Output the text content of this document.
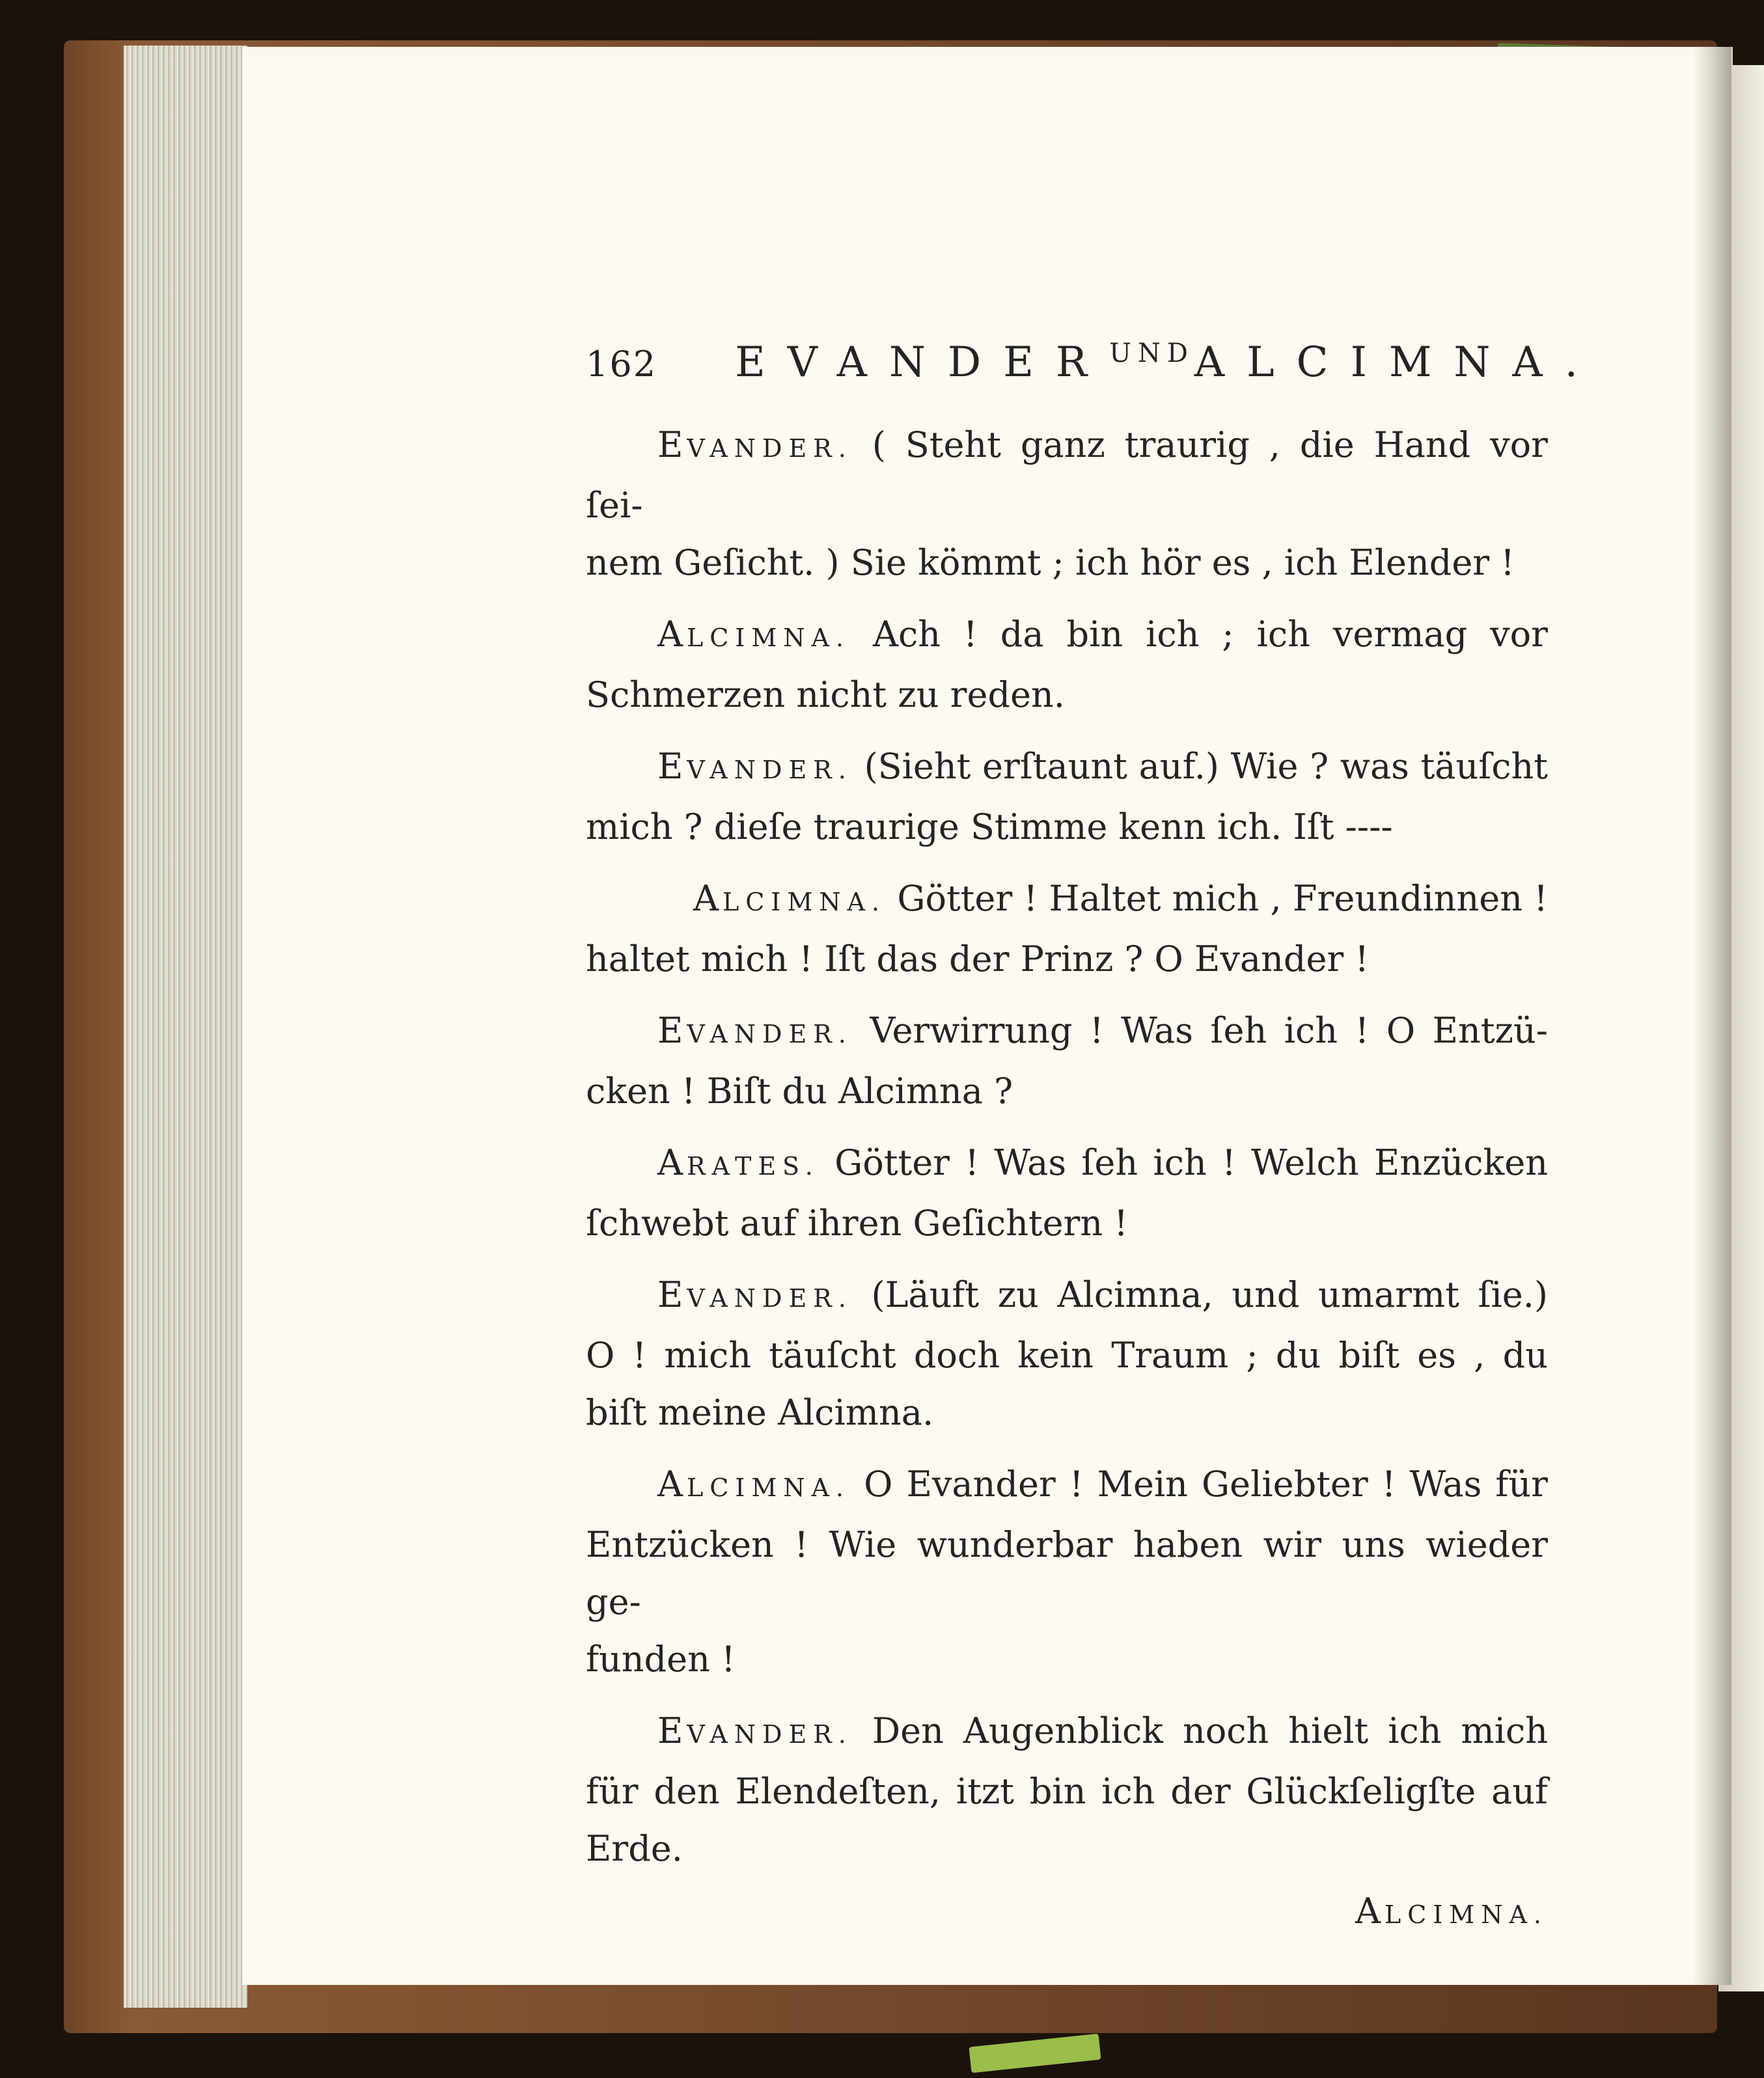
162 EVANDER UND ALCIMNA.
EVANDER. ( Steht ganz traurig , die Hand vor ſei-
nem Geſicht. ) Sie kömmt ; ich hör es , ich Elender !
ALCIMNA. Ach ! da bin ich ; ich vermag vor
Schmerzen nicht zu reden.
EVANDER. (Sieht erſtaunt auf.) Wie ? was täuſcht
mich ? dieſe traurige Stimme kenn ich. Iſt ----
ALCIMNA. Götter ! Haltet mich , Freundinnen !
haltet mich ! Iſt das der Prinz ? O Evander !
EVANDER. Verwirrung ! Was ſeh ich ! O Entzü-
cken ! Biſt du Alcimna ?
ARATES. Götter ! Was ſeh ich ! Welch Enzücken
ſchwebt auf ihren Geſichtern !
EVANDER. (Läuft zu Alcimna, und umarmt ſie.)
O ! mich täuſcht doch kein Traum ; du biſt es , du
biſt meine Alcimna.
ALCIMNA. O Evander ! Mein Geliebter ! Was für
Entzücken ! Wie wunderbar haben wir uns wieder ge-
funden !
EVANDER. Den Augenblick noch hielt ich mich
für den Elendeſten, itzt bin ich der Glückſeligſte auf
Erde.
ALCIMNA.
